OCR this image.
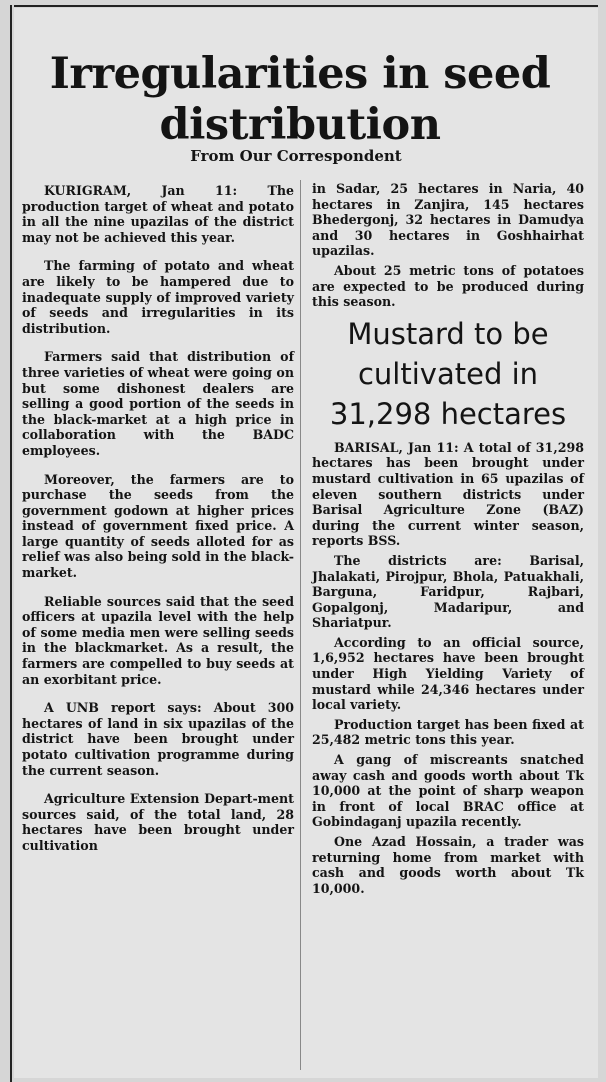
Irregularities in seed distribution
From Our Correspondent

KURIGRAM, Jan 11: The production target of wheat and potato in all the nine upazilas of the district may not be achieved this year.

The farming of potato and wheat are likely to be hampered due to inadequate supply of improved variety of seeds and irregularities in its distribution.

Farmers said that distribution of three varieties of wheat were going on but some dishonest dealers are selling a good portion of the seeds in the black-market at a high price in collaboration with the BADC employees.

Moreover, the farmers are to purchase the seeds from the government godown at higher prices instead of government fixed price. A large quantity of seeds alloted for as relief was also being sold in the black-market.

Reliable sources said that the seed officers at upazila level with the help of some media men were selling seeds in the blackmarket. As a result, the farmers are compelled to buy seeds at an exorbitant price.

A UNB report says: About 300 hectares of land in six upazilas of the district have been brought under potato cultivation programme during the current season.

Agriculture Extension Depart-ment sources said, of the total land, 28 hectares have been brought under cultivation

in Sadar, 25 hectares in Naria, 40 hectares in Zanjira, 145 hectares Bhedergonj, 32 hectares in Damudya and 30 hectares in Goshhairhat upazilas.

About 25 metric tons of potatoes are expected to be produced during this season.

Mustard to be cultivated in 31,298 hectares

BARISAL, Jan 11: A total of 31,298 hectares has been brought under mustard cultivation in 65 upazilas of eleven southern districts under Barisal Agriculture Zone (BAZ) during the current winter season, reports BSS.

The districts are: Barisal, Jhalakati, Pirojpur, Bhola, Patuakhali, Barguna, Faridpur, Rajbari, Gopalgonj, Madaripur, and Shariatpur.

According to an official source, 1,6,952 hectares have been brought under High Yielding Variety of mustard while 24,346 hectares under local variety.

Production target has been fixed at 25,482 metric tons this year.

A gang of miscreants snatched away cash and goods worth about Tk 10,000 at the point of sharp weapon in front of local BRAC office at Gobindaganj upazila recently.

One Azad Hossain, a trader was returning home from market with cash and goods worth about Tk 10,000.
